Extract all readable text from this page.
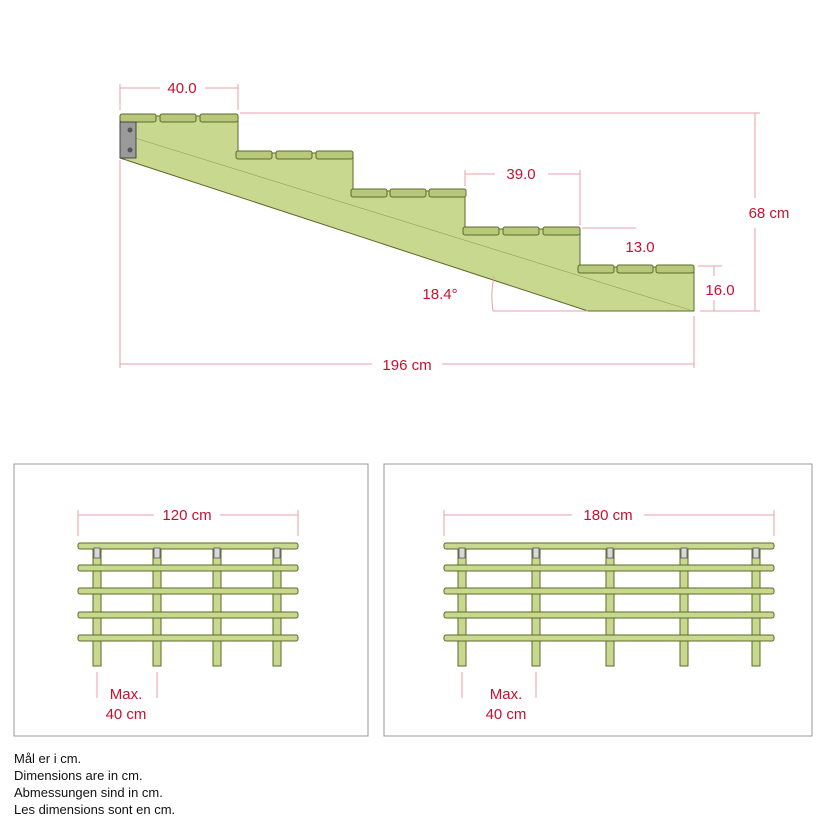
40.0
39.0
13.0
16.0
68 cm
196 cm
18.4°
120 cm
Max.
40 cm
180 cm
Max.
40 cm
Mål er i cm.
Dimensions are in cm.
Abmessungen sind in cm.
Les dimensions sont en cm.
